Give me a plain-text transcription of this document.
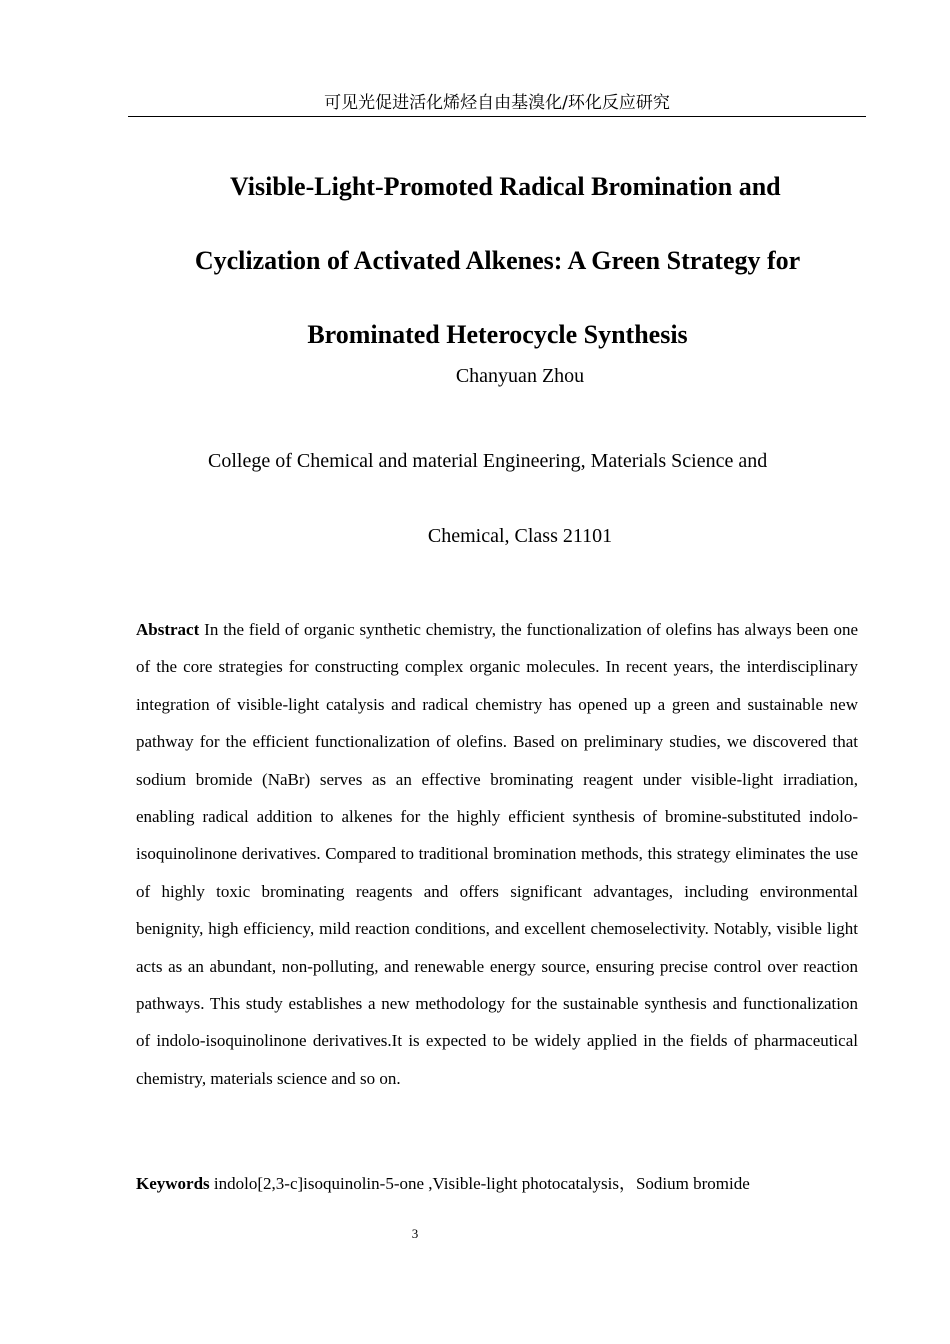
可见光促进活化烯烃自由基溴化/环化反应研究
Visible-Light-Promoted Radical Bromination and
Cyclization of Activated Alkenes: A Green Strategy for
Brominated Heterocycle Synthesis
Chanyuan Zhou
College of Chemical and material Engineering, Materials Science and
Chemical, Class 21101

Abstract In the field of organic synthetic chemistry, the functionalization of olefins has always been one of the core strategies for constructing complex organic molecules. In recent years, the interdisciplinary integration of visible-light catalysis and radical chemistry has opened up a green and sustainable new pathway for the efficient functionalization of olefins. Based on preliminary studies, we discovered that sodium bromide (NaBr) serves as an effective brominating reagent under visible-light irradiation, enabling radical addition to alkenes for the highly efficient synthesis of bromine-substituted indolo-isoquinolinone derivatives. Compared to traditional bromination methods, this strategy eliminates the use of highly toxic brominating reagents and offers significant advantages, including environmental benignity, high efficiency, mild reaction conditions, and excellent chemoselectivity. Notably, visible light acts as an abundant, non-polluting, and renewable energy source, ensuring precise control over reaction pathways. This study establishes a new methodology for the sustainable synthesis and functionalization of indolo-isoquinolinone derivatives.It is expected to be widely applied in the fields of pharmaceutical chemistry, materials science and so on.

Keywords indolo[2,3-c]isoquinolin-5-one ,Visible-light photocatalysis，Sodium bromide
3
